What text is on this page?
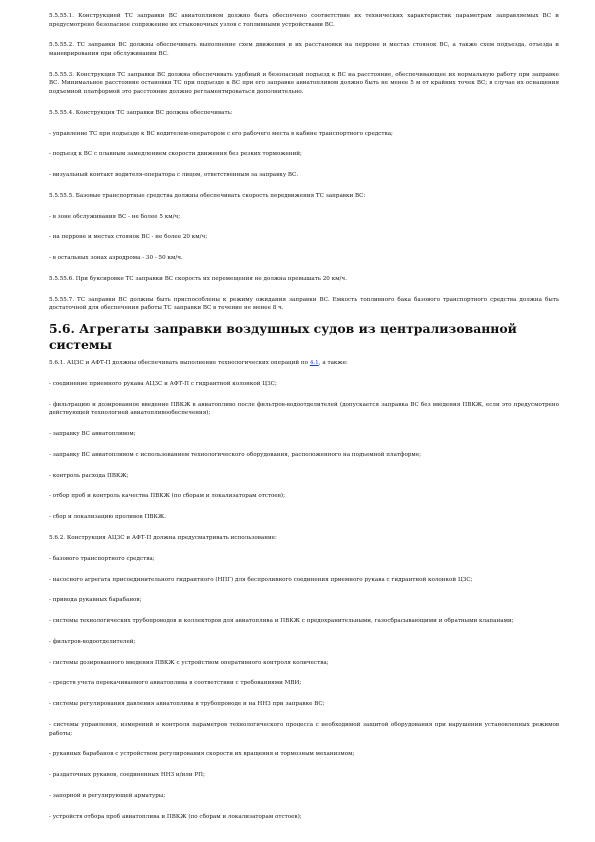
5.5.55.1. Конструкцией ТС заправки ВС авиатопливом должно быть обеспечено соответствие их технических характеристик параметрам заправляемых ВС и предусмотрено безопасное сопряжение их стыковочных узлов с топливными устройствами ВС.
5.5.55.2. ТС заправки ВС должны обеспечивать выполнение схем движения и их расстановки на перроне и местах стоянок ВС, а также схем подъезда, отъезда и маневрирования при обслуживании ВС.
5.5.55.3. Конструкция ТС заправки ВС должна обеспечивать удобный и безопасный подъезд к ВС на расстояние, обеспечивающее их нормальную работу при заправке ВС. Минимальное расстояние остановки ТС при подъезде к ВС при его заправке авиатопливом должно быть не менее 5 м от крайних точек ВС; в случае их оснащения подъемной платформой это расстояние должно регламентироваться дополнительно.
5.5.55.4. Конструкция ТС заправки ВС должна обеспечивать:
- управление ТС при подъезде к ВС водителем-оператором с его рабочего места в кабине транспортного средства;
- подъезд к ВС с плавным замедлением скорости движения без резких торможений;
- визуальный контакт водителя-оператора с лицом, ответственным за заправку ВС.
5.5.55.5. Базовые транспортные средства должны обеспечивать скорость передвижения ТС заправки ВС:
- в зоне обслуживания ВС - не более 5 км/ч;
- на перроне и местах стоянок ВС - не более 20 км/ч;
- в остальных зонах аэродрома - 30 - 50 км/ч.
5.5.55.6. При буксировке ТС заправки ВС скорость их перемещения не должна превышать 20 км/ч.
5.5.55.7. ТС заправки ВС должны быть приспособлены к режиму ожидания заправки ВС. Емкость топливного бака базового транспортного средства должна быть достаточной для обеспечения работы ТС заправки ВС в течение не менее 8 ч.
5.6. Агрегаты заправки воздушных судов из централизованной системы
5.6.1. АЦЗС и АФТ-П должны обеспечивать выполнение технологических операций по 4.1, а также:
- соединение приемного рукава АЦЗС и АФТ-П с гидрантной колонкой ЦЗС;
- фильтрацию и дозированное введение ПВКЖ в авиатопливо после фильтров-водоотделителей (допускается заправка ВС без введения ПВКЖ, если это предусмотрено действующей технологией авиатопливообеспечения);
- заправку ВС авиатопливом;
- заправку ВС авиатопливом с использованием технологического оборудования, расположенного на подъемной платформе;
- контроль расхода ПВКЖ;
- отбор проб и контроль качества ПВКЖ (по сборам и локализаторам отстоев);
- сбор и локализацию проливов ПВКЖ.
5.6.2. Конструкция АЦЗС и АФТ-П должна предусматривать использование:
- базового транспортного средства;
- насосного агрегата присоединительного гидрантного (НПГ) для беспроливного соединения приемного рукава с гидрантной колонкой ЦЗС;
- привода рукавных барабанов;
- системы технологических трубопроводов и коллекторов для авиатоплива и ПВКЖ с предохранительными, газосбрасывающими и обратными клапанами;
- фильтров-водоотделителей;
- системы дозированного введения ПВКЖ с устройством оперативного контроля количества;
- средств учета перекачиваемого авиатоплива в соответствии с требованиями МВИ;
- системы регулирования давления авиатоплива в трубопроводе и на ННЗ при заправке ВС;
- системы управления, измерений и контроля параметров технологического процесса с необходимой защитой оборудования при нарушении установленных режимов работы;
- рукавных барабанов с устройством регулирования скорости их вращения и тормозным механизмом;
- раздаточных рукавов, соединенных ННЗ и/или РП;
- запорной и регулирующей арматуры;
- устройств отбора проб авиатоплива и ПВКЖ (по сборам и локализаторам отстоев);
